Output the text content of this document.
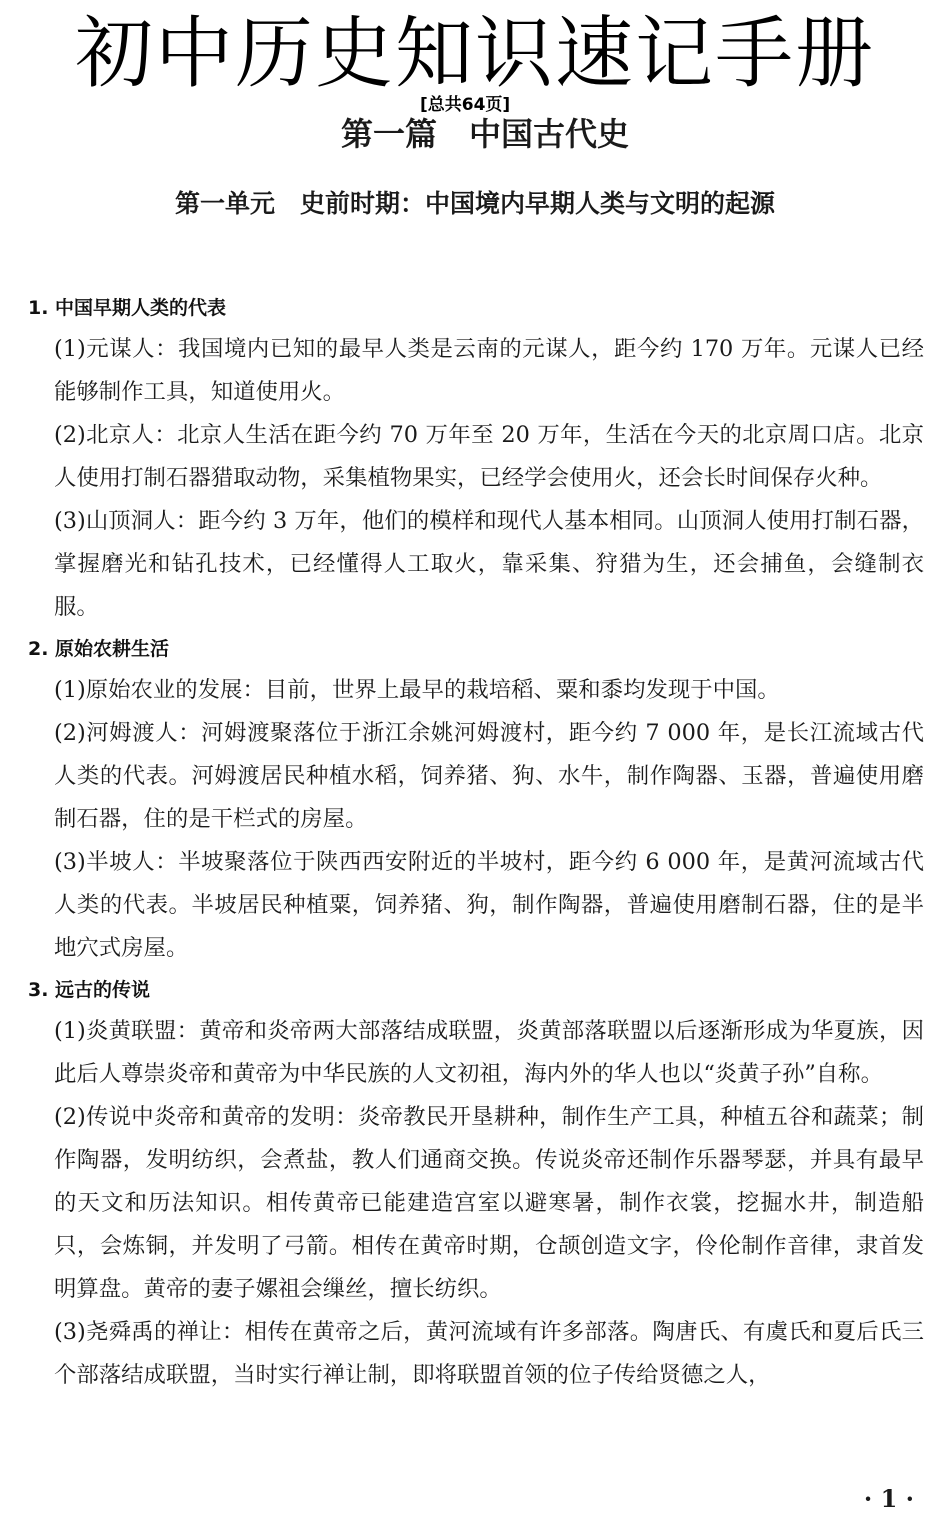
初中历史知识速记手册
[总共64页]
第一篇　中国古代史
第一单元　史前时期：中国境内早期人类与文明的起源

1. 中国早期人类的代表

(1)元谋人：我国境内已知的最早人类是云南的元谋人，距今约 170 万年。元谋人已经能够制作工具，知道使用火。

(2)北京人：北京人生活在距今约 70 万年至 20 万年，生活在今天的北京周口店。北京人使用打制石器猎取动物，采集植物果实，已经学会使用火，还会长时间保存火种。

(3)山顶洞人：距今约 3 万年，他们的模样和现代人基本相同。山顶洞人使用打制石器，掌握磨光和钻孔技术，已经懂得人工取火，靠采集、狩猎为生，还会捕鱼，会缝制衣服。

2. 原始农耕生活

(1)原始农业的发展：目前，世界上最早的栽培稻、粟和黍均发现于中国。

(2)河姆渡人：河姆渡聚落位于浙江余姚河姆渡村，距今约 7 000 年，是长江流域古代人类的代表。河姆渡居民种植水稻，饲养猪、狗、水牛，制作陶器、玉器，普遍使用磨制石器，住的是干栏式的房屋。

(3)半坡人：半坡聚落位于陕西西安附近的半坡村，距今约 6 000 年，是黄河流域古代人类的代表。半坡居民种植粟，饲养猪、狗，制作陶器，普遍使用磨制石器，住的是半地穴式房屋。

3. 远古的传说

(1)炎黄联盟：黄帝和炎帝两大部落结成联盟，炎黄部落联盟以后逐渐形成为华夏族，因此后人尊崇炎帝和黄帝为中华民族的人文初祖，海内外的华人也以“炎黄子孙”自称。

(2)传说中炎帝和黄帝的发明：炎帝教民开垦耕种，制作生产工具，种植五谷和蔬菜；制作陶器，发明纺织，会煮盐，教人们通商交换。传说炎帝还制作乐器琴瑟，并具有最早的天文和历法知识。相传黄帝已能建造宫室以避寒暑，制作衣裳，挖掘水井，制造船只，会炼铜，并发明了弓箭。相传在黄帝时期，仓颉创造文字，伶伦制作音律，隶首发明算盘。黄帝的妻子嫘祖会缫丝，擅长纺织。

(3)尧舜禹的禅让：相传在黄帝之后，黄河流域有许多部落。陶唐氏、有虞氏和夏后氏三个部落结成联盟，当时实行禅让制，即将联盟首领的位子传给贤德之人，

· 1 ·
